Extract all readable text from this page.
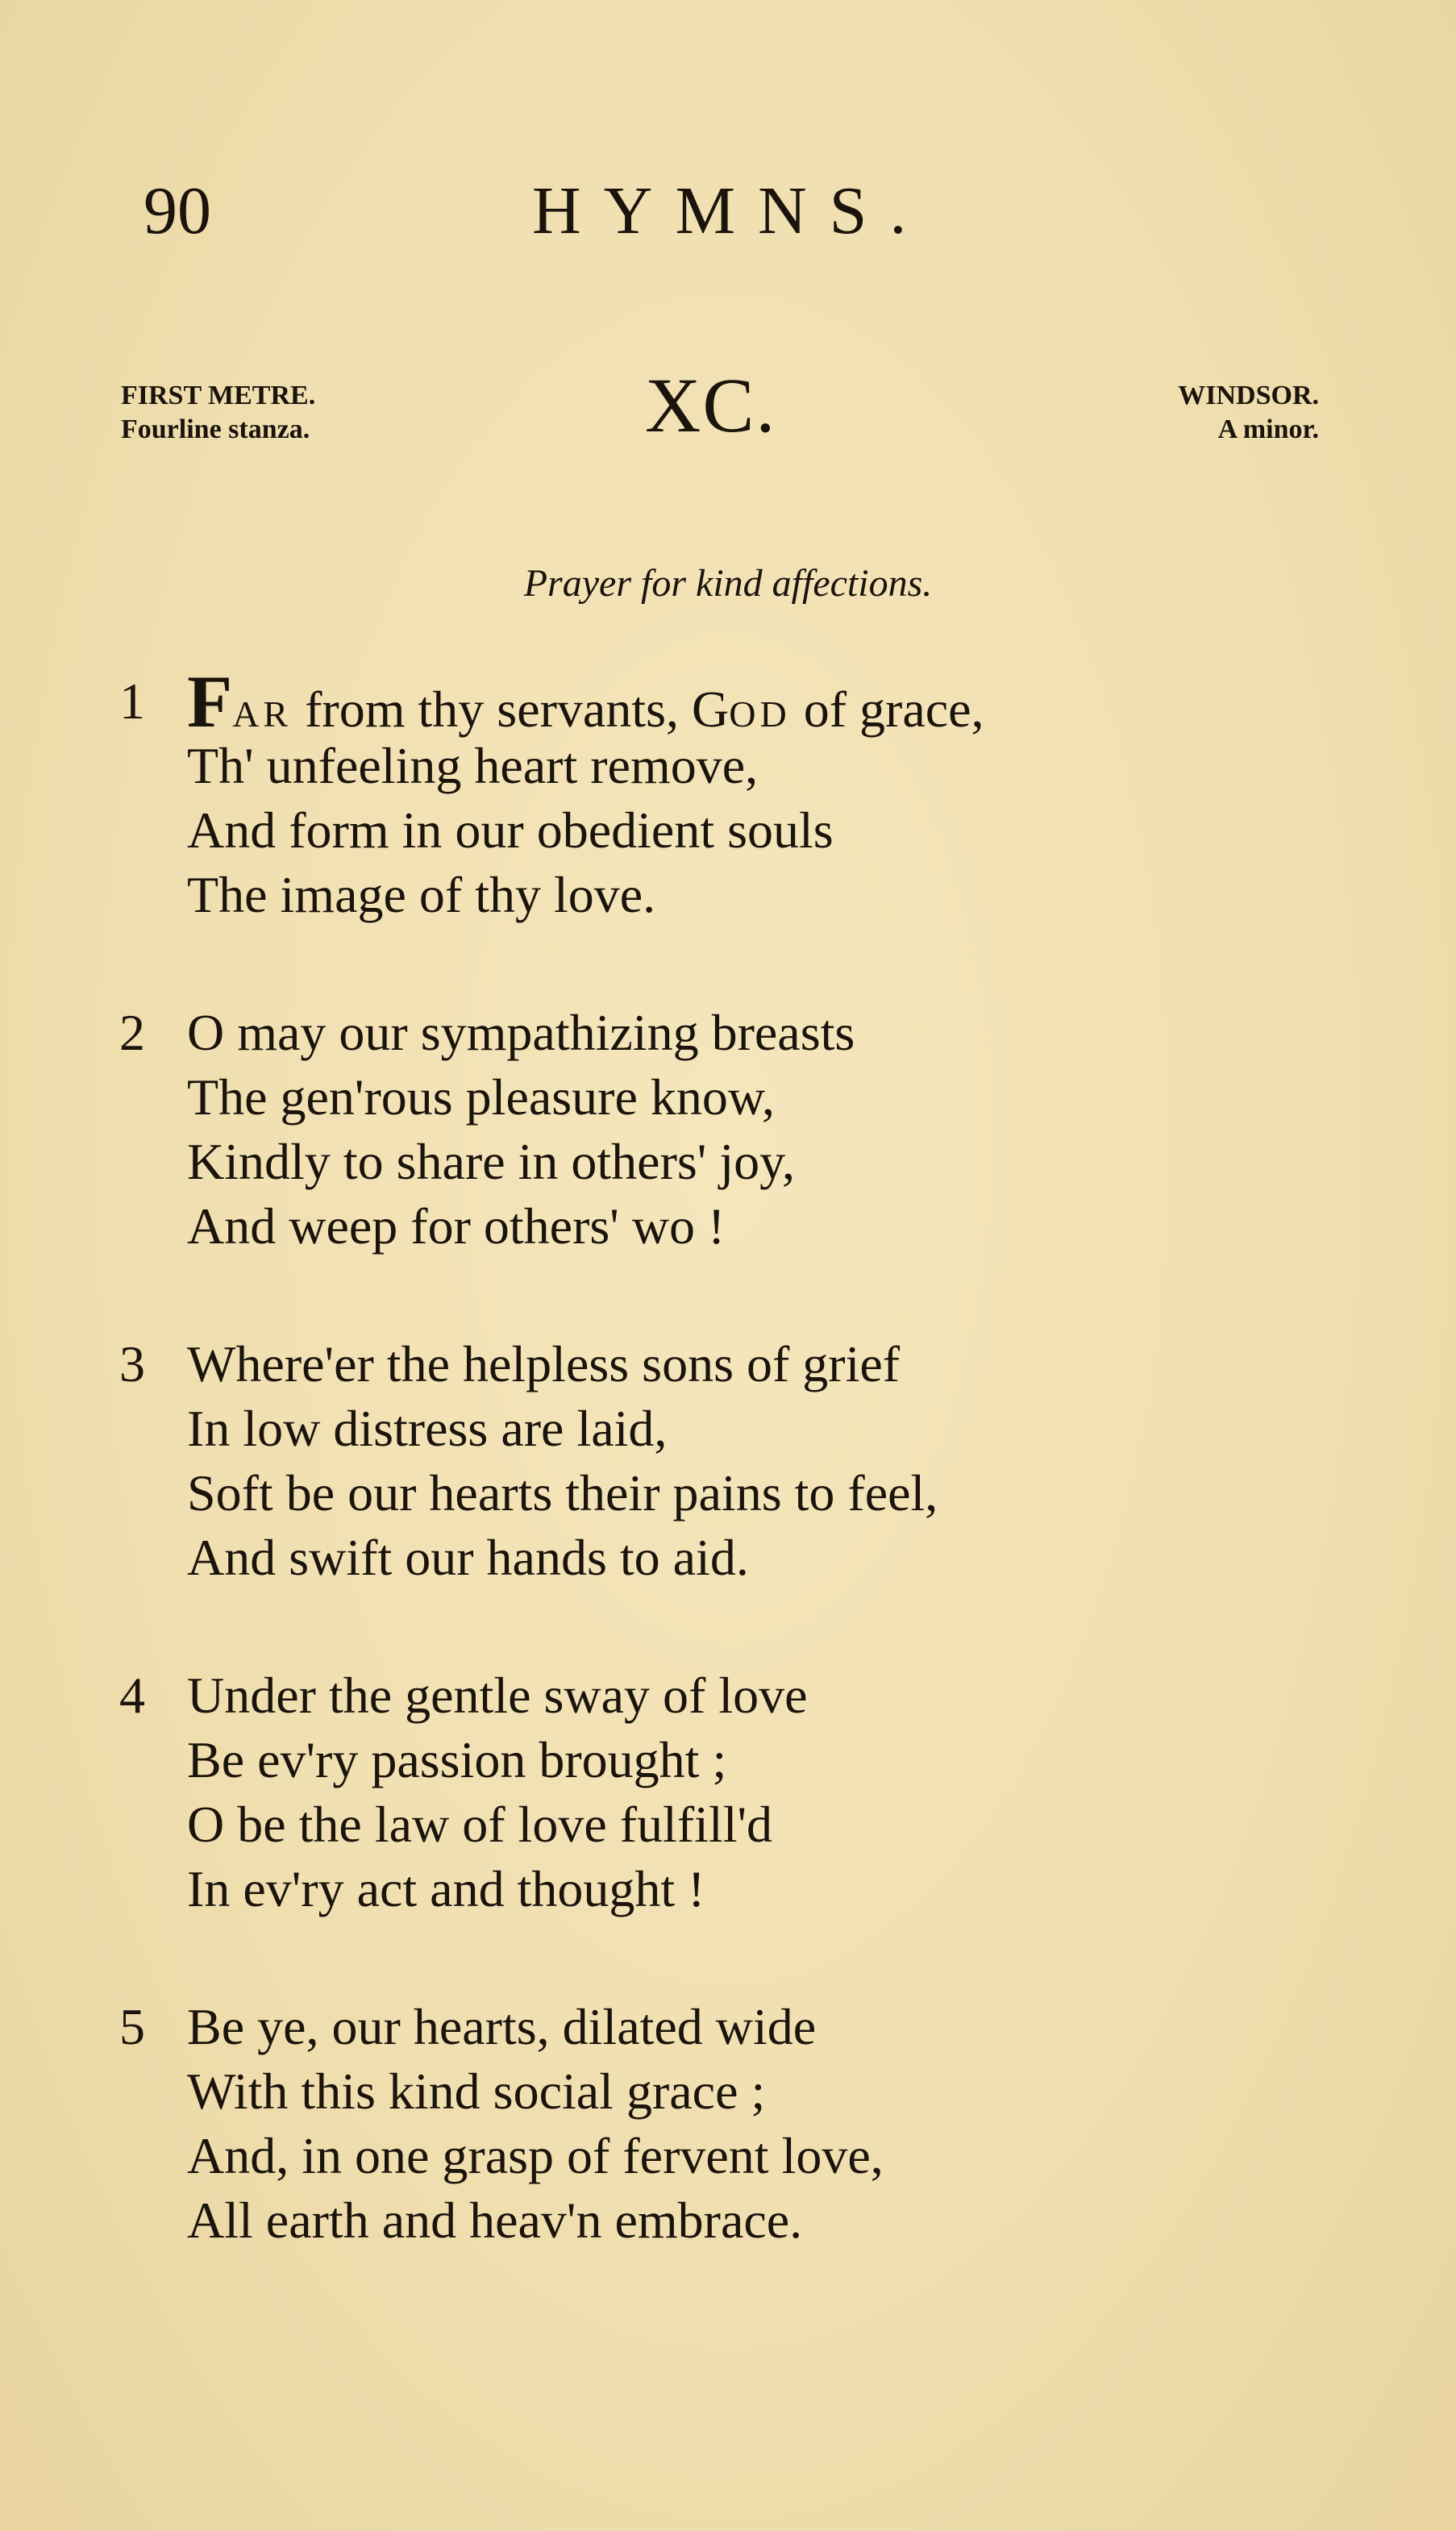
90	HYMNS.
FIRST METRE.
Fourline stanza.	XC.	WINDSOR.
A minor.
Prayer for kind affections.
1 FAR from thy servants, GOD of grace,
Th' unfeeling heart remove,
And form in our obedient souls
The image of thy love.
2 O may our sympathizing breasts
The gen'rous pleasure know,
Kindly to share in others' joy,
And weep for others' wo !
3 Where'er the helpless sons of grief
In low distress are laid,
Soft be our hearts their pains to feel,
And swift our hands to aid.
4 Under the gentle sway of love
Be ev'ry passion brought ;
O be the law of love fulfill'd
In ev'ry act and thought !
5 Be ye, our hearts, dilated wide
With this kind social grace ;
And, in one grasp of fervent love,
All earth and heav'n embrace.
